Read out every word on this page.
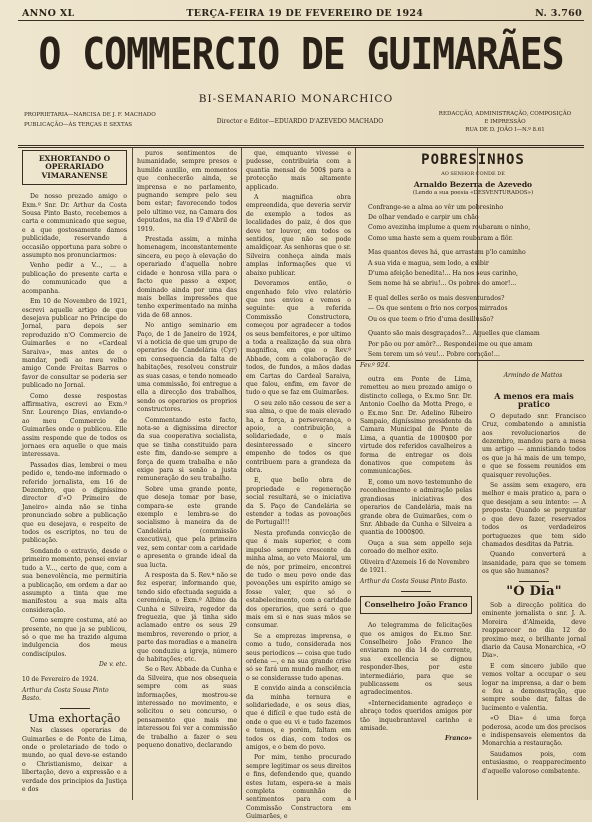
ANNO XL	TERÇA-FEIRA 19 DE FEVEREIRO DE 1924	N. 3.760
O COMMERCIO DE GUIMARÃES
BI-SEMANARIO MONARCHICO
PROPRIETARIA—NARCISA DE J. F. MACHADO
PUBLICAÇÃO—ÁS TERÇAS E SEXTAS	Director e Editor—EDUARDO D'AZEVEDO MACHADO
REDACÇÃO, ADMINISTRAÇÃO, COMPOSIÇÃO
E IMPRESSÃO
RUA DE D. JOÃO I—N.º 8.61
EXHORTANDO O OPERARIADO VIMARANENSE

De nosso prezado amigo o Exm.º Snr. Dr. Arthur da Costa Sousa Pinto Basto, recebemos a carta e communicado que segue, e a que gostosamente damos publicidade, reservando a occasião opportuna para sobre o assumpto nos pronunciarmos:

Venho pedir a V..., ... a publicação do presente carta e do communicado que a acompanha.

Em 10 de Novembro de 1921, escrevi aquelle artigo de que desejava publicar no Principe do Jornal, para depois ser reproduzido n'O Commercio de Guimarães e no «Cardeal Saraiva», mas antes de o mandar, pedi ao meu velho amigo Conde Freitas Barros o favor de consultar se poderia ser publicado no Jornal.

Como desse respostas affirmativa, escrevi ao Exm.º Snr. Lourenço Dias, enviando-o ao meu Commercio de Guimarães onde o publicou. Elle assim responde que de todos os jornaes era aquelle o que mais interessava.

Passados dias, lembrei o meu pedido e, tendo-me informado o referido jornalista, em 16 de Dezembro, que o digníssimo director d'«O Primeiro de Janeiro» ainda não se tinha pronunciado sobre a publicação que eu desejava, e respeito de todos os escriptos, no teu de publicação.

Sondando o extravio, desde o primeiro momento, pensei enviar tudo a V..., certo de que, com a sua benevolência, me permitiria a publicação, em ordem a dar ao assumpto a tinta que me manifestou a sua mais alta consideração.

Como sempre costuma, até ao presente, no que ja se publicou, só o que me ha trazido alguma indulgencia dos meus condiscípulos.

De v. etc.
10 de Fevereiro de 1924.
Arthur da Costa Sousa Pinto Basto.
Uma exhortação

Nas classes operarias de Guimarães e de Ponte de Lima, onde o proletariado de todo o mundo, ao qual deve-se estando o Christianismo, deixar a libertação, devo a expressão e a verdade dos principios da Justiça e dos

puros sentimentos de humanidade, sempre presos e humilde auxilio, em momentos que conhecerão ainda, se imprensa e no parlamento, pugnando sempre pelo seu bem estar; favorecendo todos pelo ultimo vez, na Camara dos deputados, na dia 19 d'Abril de 1919.

Prestada assim, a minha homenagem, inconstantemente sincera, eu peço à elevação do operariado d'aquella nobre cidade e honrosa villa para o facto que passo a expor, dominado ainda por uma das mais bellas impressões que tenho experimentado na minha vida de 68 annos.

No antigo seminario em Paço, de 1 de Janeiro de 1924, vi a noticia de que um grupo de operarios de Candelária (Cyr) em consequencia da falta de habitações, resolveu construir as suas casas, e tendo nomeado uma commissão, foi entregue a ella a direcção dos trabalhos, sendo os operarios os proprios constructores.

Commentando este facto, nota-se a dignissima director da sua cooperativa socialista, que se tinha constituido para este fim, dando-se sempre a força de quem trabalha e não exige para si senão a justa remuneração do seu trabalho.

Sobre uma grande ponte, que deseja tomar por base, compara-se este grande exemplo e lembra-se do socialismo à maneira da de Candelária (commissão executiva), que pela primeira vez, sem contar com a caridade e apresenta o grande ideal da sua lucta.

A resposta da S. Rev.ª não se fez esperar, informando que, tendo sido efectuada seguida a ceremónia, o Exm.º Albino da Cunha e Silveira, regedor da freguezia, que já tinha sido aclamado entre os seus 29 membros, reverendo o prior, a parte das moradias e a maneira que conduziu a igreja, número de habitações; etc.

Se o Rev. Abbade da Cunha e da Silveira, que nos obsequeia sempre com as suas informações, mostrou-se interessado no movimento, e solicitou o seu concurso, o pensamento que mais me interessou foi ver a commissão de trabalho a fazer o seu pequeno donativo, declarando

que, emquanto vivesse e pudesse, contribuiria com a quantia mensal de 500$ para a protecção mais altamente applicado.

A magnifica obra empreendida, que deveria servir de exemplo a todos as localidades do paiz, é dos que deve ter louvor, em todos os sentidos, que não se pode amaldiçoar. As senhoras que o sr. Silveira conheça ainda mais amplas informações que vi abaixo publicar.

Devoramos então, o engenhado felo vivo relatório que nos enviou e vemos o seguinte: que a referida Commissão Constructora, começou por agradecer a todos os seus bemfeitores, e por ultimo a toda a realização da sua obra magnifica, em que o Rev.º Abbade, com a colaboração de todos, de fundos, a mãos dadas em Cartas do Cardeal Saraiva, que falou, enfim, em favor de tudo o que se faz em Guimarães.

O seu zelo não cessou de ser a sua alma, o que de mais elevado ha, a força, a perseverança, o apoio, a contribuição, a solidariedade, e o mais desinteressado e sincero empenho de todos os que contribuem para a grandeza da obra.

E, que bello obra de propriedade e regeneração social resultará, se o iniciativa da S. Paço de Candelária se estender a todas as povoações de Portugal!!!

Nesta profunda convicção de que é mais superior, e com impulso sempre crescente da minha alma, ao veto Maioral, um de nós, por primeiro, encontrei de tudo o meu povo onde das povoações um espírito amigo se fosse valer, que só o estabelecimento, com a caridade dos operarios, que será o que mais em si e nas suas mãos se consumar.

Se a emprezas imprensa, e como a tudo, considerada nos seus periodicos — coisa que tudo ordena —, e na sua grande crise só se fará um mundo melhor, em o se considerasse tudo apenas.

E convido ainda a consciência da minha ternura e solidariedade, e os seus dias, que é difícil e que tudo está de onde o que eu vi e tudo fazemos e temos, e porém, faltam em todos os dias, com todos os amigos, e o bem do povo.

Por mim, tenho procurado sempre legitimar os seus direitos e fins, defendendo que, quando estes lutam, espera-se a mais completa comunhão de sentimentos para com a Commissão Constructora em Guimarães, e

POBRESINHOS
AO SENHOR CONDE DE
Arnaldo Bezerra de Azevedo
(Lendo a sua poesia «DESVENTURADOS»)

Confrange-se a alma ao vêr um pobresinho

De olhar vendado e carpir um chão

Como avezinha implume a quem roubaram o ninho,

Como uma haste sem a quem roubaram a flôr.

Mas quantos deves há, que arrastam p'lo caminho

A sua vida e magua, sem lodo, a exibir

D'uma afeição benedita!... Ha nos seus carinho,

Sem nome há se abriu!... Os pobres do amor!...

E qual delles serão os mais desventurados?

— Os que sentem o frio nos corpos mirrados

Ou os que teem o frio d'uma desillusão?

Quanto são mais desgraçados?... Aquelles que clamam

Por pão ou por amôr?... Respondei-me ou que amam

Sem terem um só veu!... Pobre coração!...

Fev.º 924.
Armindo de Mattos

outra em Ponte de Lima, remetteu ao meu prezado amigo o distincto collega, o Ex.mo Snr. Dr. Antonio Coelho da Motta Prego, e o Ex.mo Snr. Dr. Adelino Ribeiro Sampaio, digníssimo presidente da Camara Municipal de Ponte de Lima, a quantia de 1000$00 por virtude dos referidos cavalheiros a forma de entregar os dois donativos que competem às communicações.

E, como um novo testemunho de reconhecimento e admiração pelas grandiosas iniciativas dos operarios de Candelária, mais na grande obra de Guimarães, com o Snr. Abbade da Cunha e Silveira a quantia de 1000$00.

Ouça a sua sem appello seja coroado do melhor exito.

Oliveira d'Azemeis 16 de Novembro de 1921.
Arthur da Costa Sousa Pinto Basto.
Conselheiro João Franco

Ao telegramma de felicitações que os amigos do Ex.mo Snr. Conselheiro João Franco lhe enviaram no dia 14 do corrente, sua excellencia se dignou responder-lhes, por este intermediário, para que se publicassem os seus agradecimentos.

«Internecidamente agradeço e abraço todos queridos amigos por tão inquebrantavel carinho e amisade.

Franco»
A menos era mais pratico

O deputado snr. Francisco Cruz, combatendo a amnistia aos revolucionarios de dezembro, mandou para a mesa um artigo — amnistiando todos os que ja há mais de um tempo, e que se fossem reunidos em quaisquer revoluções.

Se assim sem exagero, era melhor e mais pratico a, para o que desejam a seu intento: — A proposta: Quando se perguntar o que devo fazer, reservados todos os verdadeiros portuguezes que tem sido chamados desditas da Patria.

Quando converterá a insanidade, para que se tomem os que são humanos?

"O Dia"

Sob a direcção politica do eminente jornalista o snr. J. A. Moreira d'Almeida, deve reapparecer no dia 12 do proximo mez, o brilhante jornal diario da Causa Monarchica, «O Dia».

E com sincero jubilo que vemos voltar a occupar o seu logar na imprensa, a dar o bem e feu a demonstração, que sempre soube dar, faltas de lucimento e valentia.

«O Dia» é uma força poderosa, acode um dos precisos e indispensaveis elementos da Monarchia a restauração.

Saudamos pois, com entusiasmo, o reapparecimento d'aquelle valoroso combatente.
